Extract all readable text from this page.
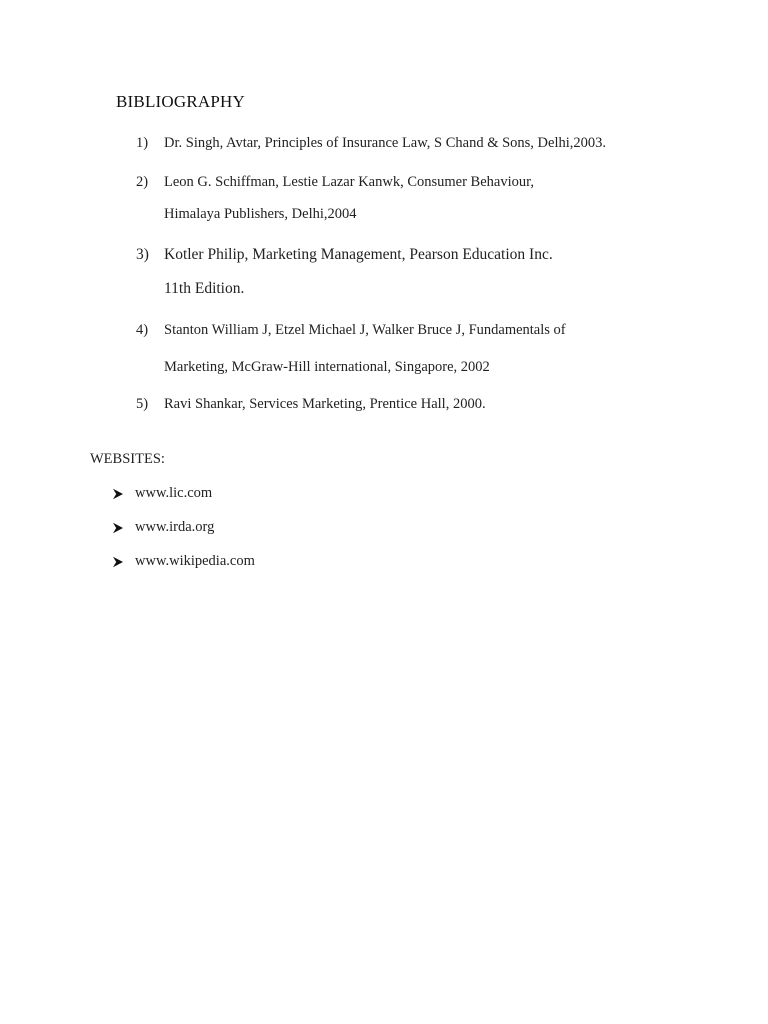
BIBLIOGRAPHY
1) Dr. Singh, Avtar, Principles of Insurance Law, S Chand & Sons, Delhi,2003.
2) Leon G. Schiffman, Lestie Lazar Kanwk, Consumer Behaviour,
Himalaya Publishers, Delhi,2004
3) Kotler Philip, Marketing Management, Pearson Education Inc.
11th Edition.
4) Stanton William J, Etzel Michael J, Walker Bruce J, Fundamentals of
Marketing, McGraw-Hill international, Singapore, 2002
5) Ravi Shankar, Services Marketing, Prentice Hall, 2000.
WEBSITES:
www.lic.com
www.irda.org
www.wikipedia.com
